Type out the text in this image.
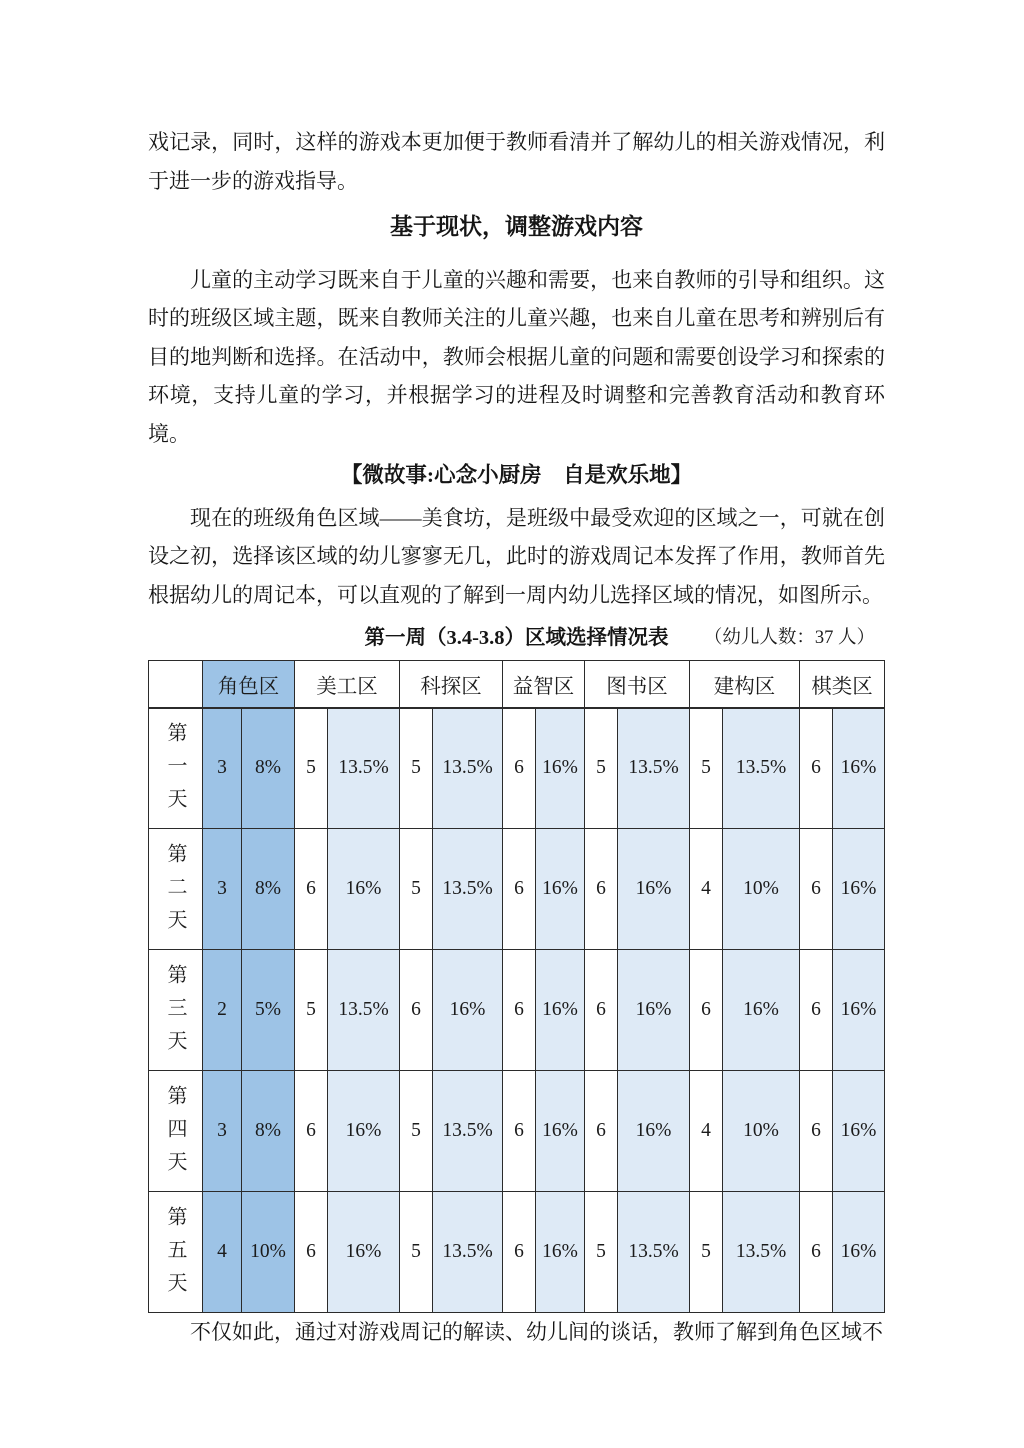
戏记录，同时，这样的游戏本更加便于教师看清并了解幼儿的相关游戏情况，利于进一步的游戏指导。

基于现状，调整游戏内容

儿童的主动学习既来自于儿童的兴趣和需要，也来自教师的引导和组织。这时的班级区域主题，既来自教师关注的儿童兴趣，也来自儿童在思考和辨别后有目的地判断和选择。在活动中，教师会根据儿童的问题和需要创设学习和探索的环境，支持儿童的学习，并根据学习的进程及时调整和完善教育活动和教育环境。

【微故事:心念小厨房　自是欢乐地】

现在的班级角色区域——美食坊，是班级中最受欢迎的区域之一，可就在创设之初，选择该区域的幼儿寥寥无几，此时的游戏周记本发挥了作用，教师首先根据幼儿的周记本，可以直观的了解到一周内幼儿选择区域的情况，如图所示。

第一周（3.4-3.8）区域选择情况表	（幼儿人数：37 人）
	角色区		美工区		科探区		益智区		图书区		建构区		棋类区	
第一天	3	8%	5	13.5%	5	13.5%	6	16%	5	13.5%	5	13.5%	6	16%
第二天	3	8%	6	16%	5	13.5%	6	16%	6	16%	4	10%	6	16%
第三天	2	5%	5	13.5%	6	16%	6	16%	6	16%	6	16%	6	16%
第四天	3	8%	6	16%	5	13.5%	6	16%	6	16%	4	10%	6	16%
第五天	4	10%	6	16%	5	13.5%	6	16%	5	13.5%	5	13.5%	6	16%

不仅如此，通过对游戏周记的解读、幼儿间的谈话，教师了解到角色区域不
